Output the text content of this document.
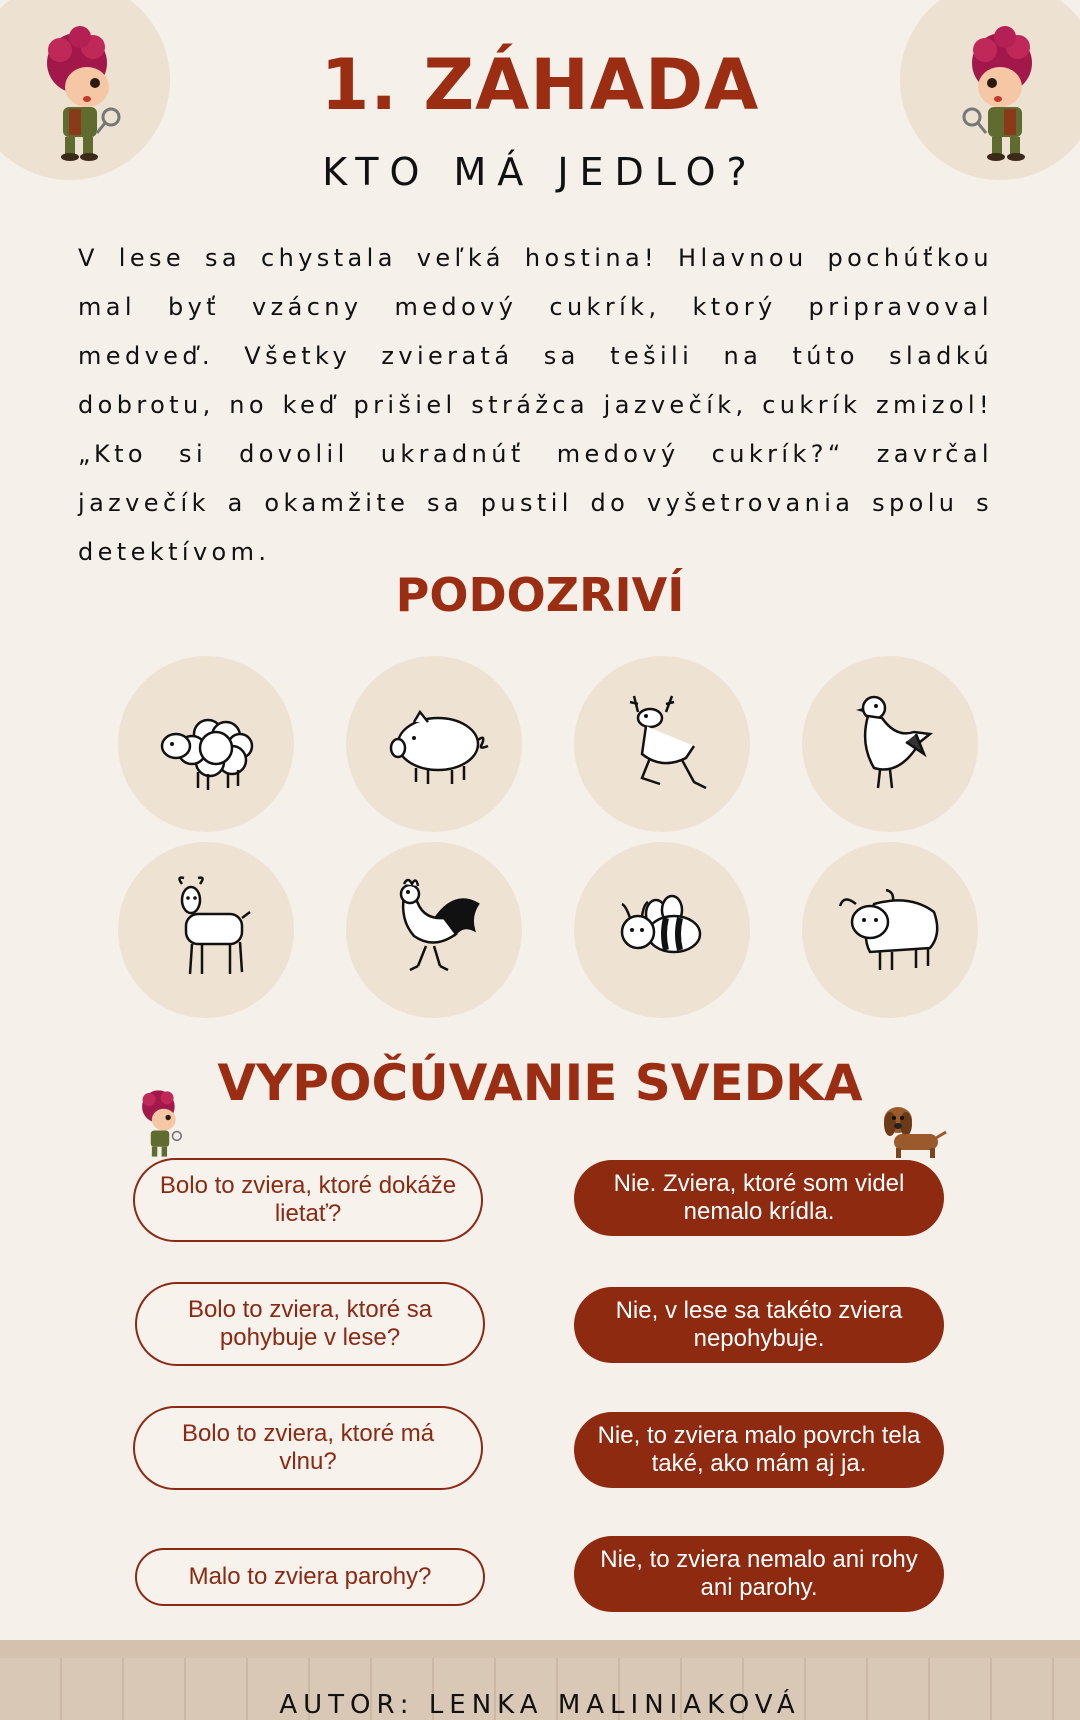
1. ZÁHADA
KTO MÁ JEDLO?
V lese sa chystala veľká hostina! Hlavnou pochúťkou mal byť vzácny medový cukrík, ktorý pripravoval medveď. Všetky zvieratá sa tešili na túto sladkú dobrotu, no keď prišiel strážca jazvečík, cukrík zmizol! „Kto si dovolil ukradnúť medový cukrík?“ zavrčal jazvečík a okamžite sa pustil do vyšetrovania spolu s detektívom.
PODOZRIVÍ
VYPOČÚVANIE SVEDKA
Bolo to zviera, ktoré dokáže lietať?
Bolo to zviera, ktoré sa pohybuje v lese?
Bolo to zviera, ktoré má vlnu?
Malo to zviera parohy?
Nie. Zviera, ktoré som videl nemalo krídla.
Nie, v lese sa takéto zviera nepohybuje.
Nie, to zviera malo povrch tela také, ako mám aj ja.
Nie, to zviera nemalo ani rohy ani parohy.
AUTOR: LENKA MALINIAKOVÁ
